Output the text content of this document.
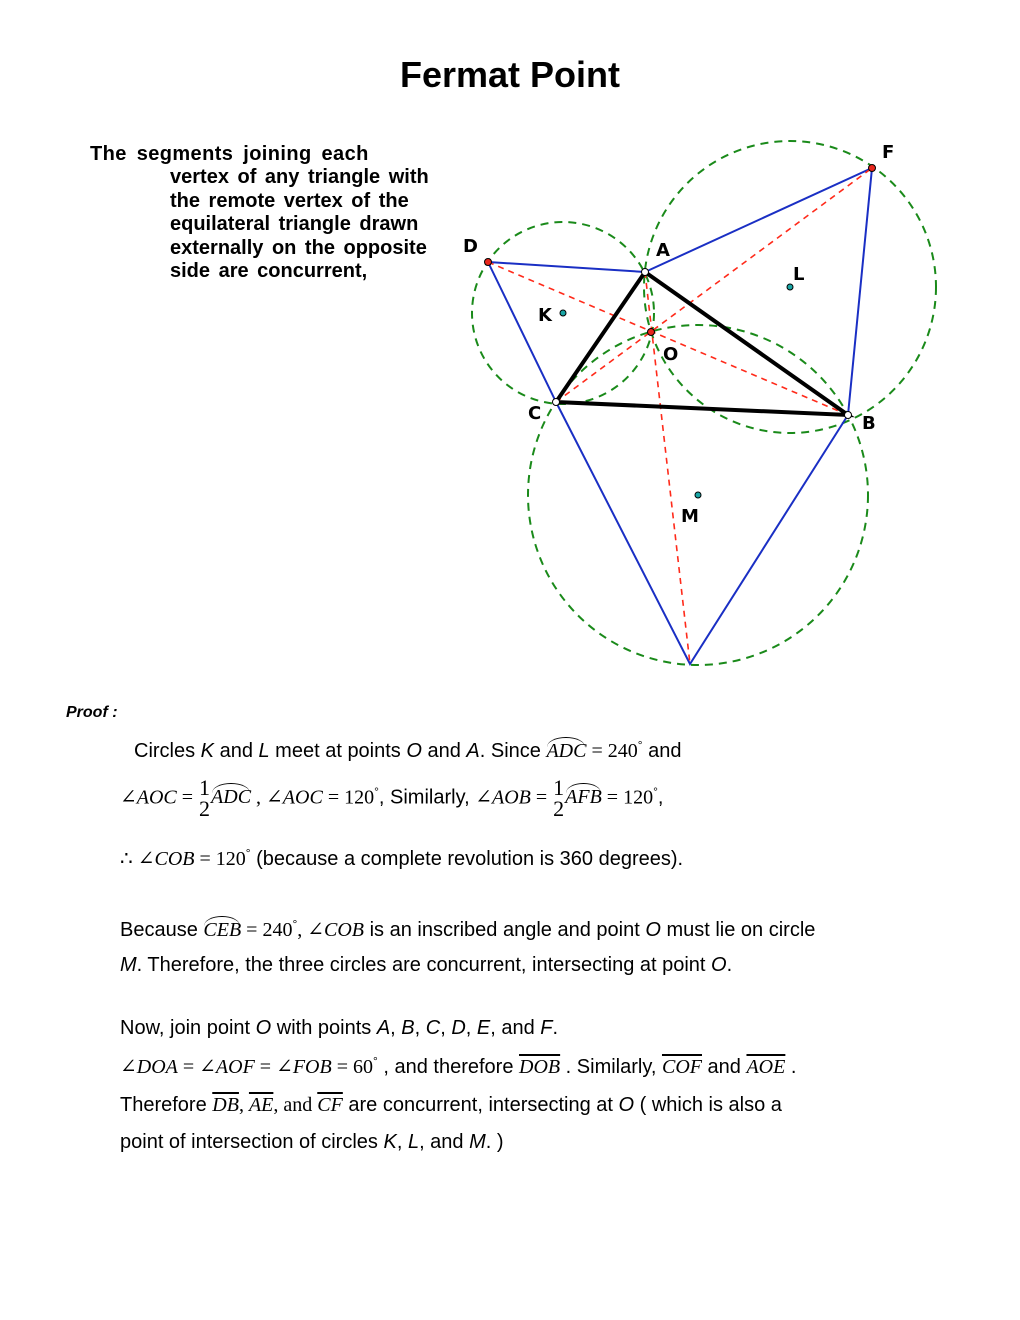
Fermat Point
The segments joining each
vertex of any triangle with the remote vertex of the equilateral triangle drawn externally on the opposite side are concurrent,
A
B
C
D
F
K
L
M
O
Proof :
Circles K and L meet at points O and A. Since ADC = 240° and
∠AOC = 1
2 ADC , ∠AOC = 120°, Similarly, ∠AOB = 1
2 AFB = 120°,
∴ ∠COB = 120° (because a complete revolution is 360 degrees).
Because CEB = 240°, ∠COB is an inscribed angle and point O must lie on circle
M. Therefore, the three circles are concurrent, intersecting at point O.
Now, join point O with points A, B, C, D, E, and F.
∠DOA = ∠AOF = ∠FOB = 60° , and therefore $\overline{DOB}$ . Similarly, $\overline{COF}$ and $\overline{AOE}$ .
Therefore $\overline{DB}$, $\overline{AE}$, and $\overline{CF}$ are concurrent, intersecting at O ( which is also a
point of intersection of circles K, L, and M. )
